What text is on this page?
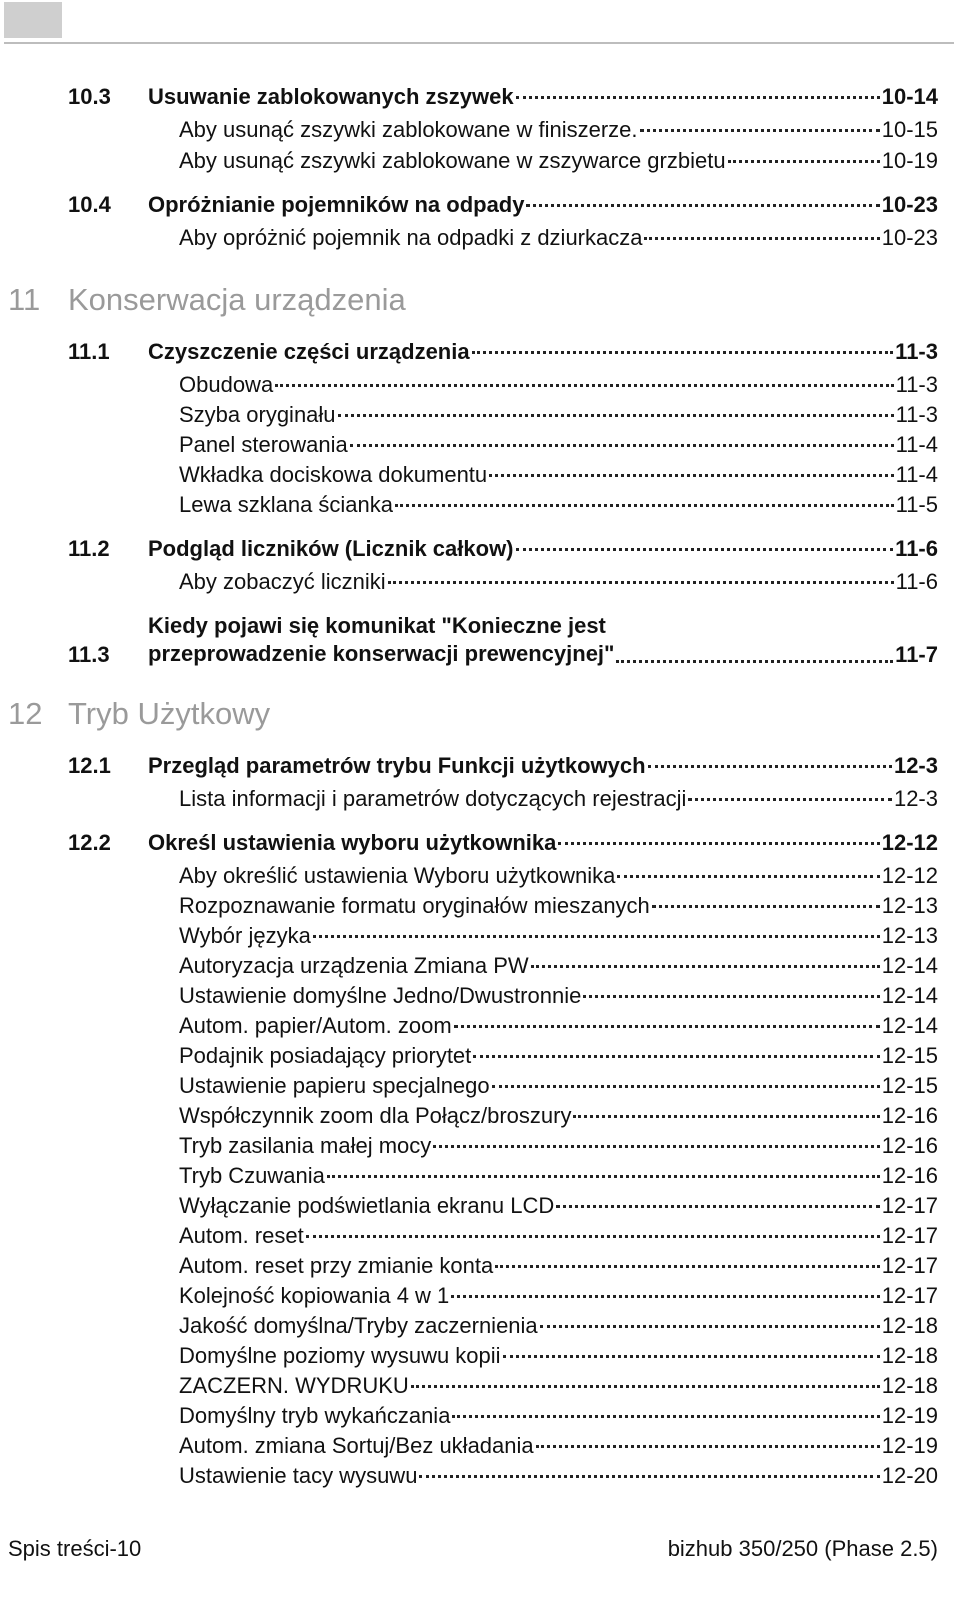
10.3	Usuwanie zablokowanych zszywek	10-14
Aby usunąć zszywki zablokowane w finiszerze.	10-15
Aby usunąć zszywki zablokowane w zszywarce grzbietu	10-19
10.4	Opróżnianie pojemników na odpady	10-23
Aby opróżnić pojemnik na odpadki z dziurkacza	10-23
11 Konserwacja urządzenia
11.1	Czyszczenie części urządzenia	11-3
Obudowa	11-3
Szyba oryginału	11-3
Panel sterowania	11-4
Wkładka dociskowa dokumentu	11-4
Lewa szklana ścianka	11-5
11.2	Podgląd liczników (Licznik całkow)	11-6
Aby zobaczyć liczniki	11-6
11.3
Kiedy pojawi się komunikat "Konieczne jest
przeprowadzenie konserwacji prewencyjnej"	11-7
12 Tryb Użytkowy
12.1	Przegląd parametrów trybu Funkcji użytkowych	12-3
Lista informacji i parametrów dotyczących rejestracji	12-3
12.2	Określ ustawienia wyboru użytkownika	12-12
Aby określić ustawienia Wyboru użytkownika	12-12
Rozpoznawanie formatu oryginałów mieszanych	12-13
Wybór języka	12-13
Autoryzacja urządzenia Zmiana PW	12-14
Ustawienie domyślne Jedno/Dwustronnie	12-14
Autom. papier/Autom. zoom	12-14
Podajnik posiadający priorytet	12-15
Ustawienie papieru specjalnego	12-15
Współczynnik zoom dla Połącz/broszury	12-16
Tryb zasilania małej mocy	12-16
Tryb Czuwania	12-16
Wyłączanie podświetlania ekranu LCD	12-17
Autom. reset	12-17
Autom. reset przy zmianie konta	12-17
Kolejność kopiowania 4 w 1	12-17
Jakość domyślna/Tryby zaczernienia	12-18
Domyślne poziomy wysuwu kopii	12-18
ZACZERN. WYDRUKU	12-18
Domyślny tryb wykańczania	12-19
Autom. zmiana Sortuj/Bez układania	12-19
Ustawienie tacy wysuwu	12-20
Spis treści-10	bizhub 350/250 (Phase 2.5)
